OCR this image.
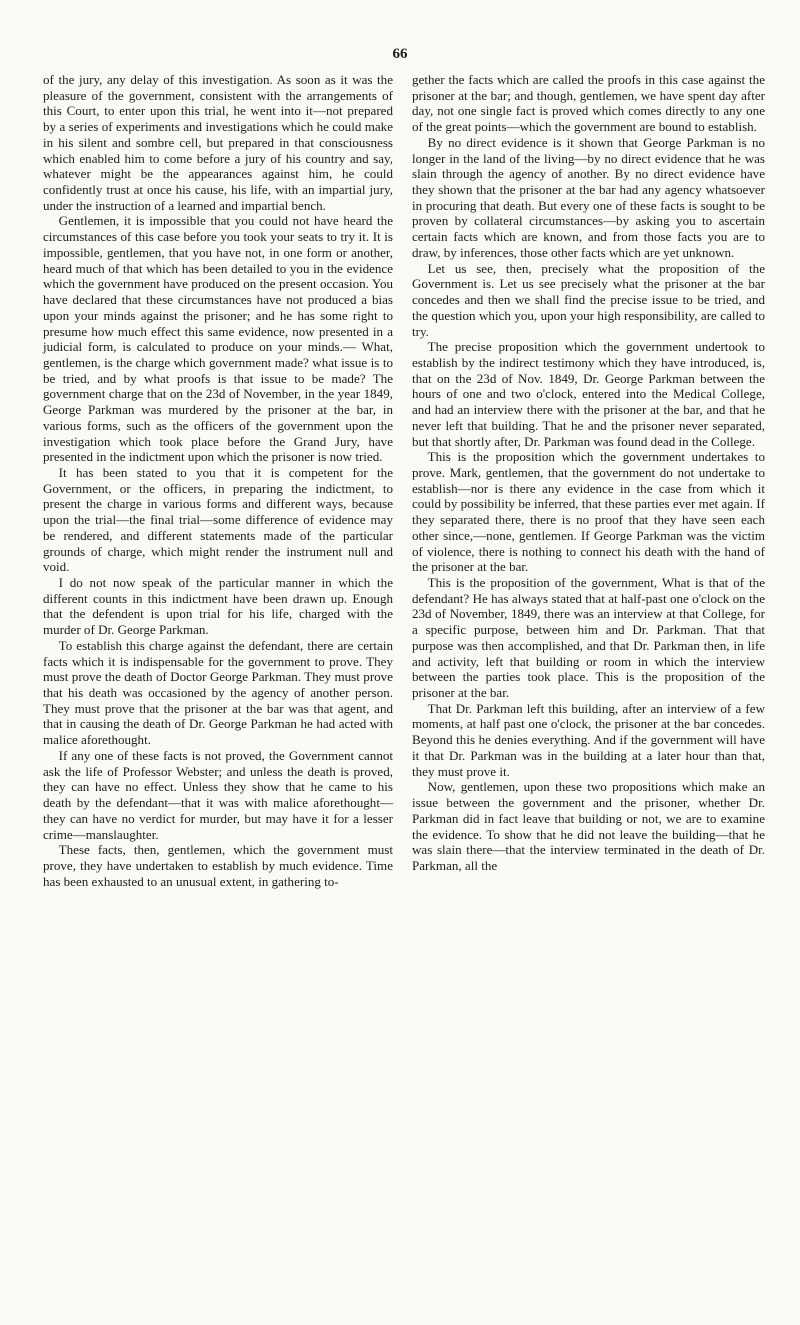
66

of the jury, any delay of this investigation. As soon as it was the pleasure of the government, consistent with the arrangements of this Court, to enter upon this trial, he went into it—not prepared by a series of experiments and investigations which he could make in his silent and sombre cell, but prepared in that consciousness which enabled him to come before a jury of his country and say, whatever might be the appearances against him, he could confidently trust at once his cause, his life, with an impartial jury, under the instruction of a learned and impartial bench.

Gentlemen, it is impossible that you could not have heard the circumstances of this case before you took your seats to try it. It is impossible, gentlemen, that you have not, in one form or another, heard much of that which has been detailed to you in the evidence which the government have produced on the present occasion. You have declared that these circumstances have not produced a bias upon your minds against the prisoner; and he has some right to presume how much effect this same evidence, now presented in a judicial form, is calculated to produce on your minds.— What, gentlemen, is the charge which government made? what issue is to be tried, and by what proofs is that issue to be made? The government charge that on the 23d of November, in the year 1849, George Parkman was murdered by the prisoner at the bar, in various forms, such as the officers of the government upon the investigation which took place before the Grand Jury, have presented in the indictment upon which the prisoner is now tried.

It has been stated to you that it is competent for the Government, or the officers, in preparing the indictment, to present the charge in various forms and different ways, because upon the trial—the final trial—some difference of evidence may be rendered, and different statements made of the particular grounds of charge, which might render the instrument null and void.

I do not now speak of the particular manner in which the different counts in this indictment have been drawn up. Enough that the defendent is upon trial for his life, charged with the murder of Dr. George Parkman.

To establish this charge against the defendant, there are certain facts which it is indispensable for the government to prove. They must prove the death of Doctor George Parkman. They must prove that his death was occasioned by the agency of another person. They must prove that the prisoner at the bar was that agent, and that in causing the death of Dr. George Parkman he had acted with malice aforethought.

If any one of these facts is not proved, the Government cannot ask the life of Professor Webster; and unless the death is proved, they can have no effect. Unless they show that he came to his death by the defendant—that it was with malice aforethought—they can have no verdict for murder, but may have it for a lesser crime—manslaughter.

These facts, then, gentlemen, which the government must prove, they have undertaken to establish by much evidence. Time has been exhausted to an unusual extent, in gathering to-

gether the facts which are called the proofs in this case against the prisoner at the bar; and though, gentlemen, we have spent day after day, not one single fact is proved which comes directly to any one of the great points—which the government are bound to establish.

By no direct evidence is it shown that George Parkman is no longer in the land of the living—by no direct evidence that he was slain through the agency of another. By no direct evidence have they shown that the prisoner at the bar had any agency whatsoever in procuring that death. But every one of these facts is sought to be proven by collateral circumstances—by asking you to ascertain certain facts which are known, and from those facts you are to draw, by inferences, those other facts which are yet unknown.

Let us see, then, precisely what the proposition of the Government is. Let us see precisely what the prisoner at the bar concedes and then we shall find the precise issue to be tried, and the question which you, upon your high responsibility, are called to try.

The precise proposition which the government undertook to establish by the indirect testimony which they have introduced, is, that on the 23d of Nov. 1849, Dr. George Parkman between the hours of one and two o'clock, entered into the Medical College, and had an interview there with the prisoner at the bar, and that he never left that building. That he and the prisoner never separated, but that shortly after, Dr. Parkman was found dead in the College.

This is the proposition which the government undertakes to prove. Mark, gentlemen, that the government do not undertake to establish—nor is there any evidence in the case from which it could by possibility be inferred, that these parties ever met again. If they separated there, there is no proof that they have seen each other since,—none, gentlemen. If George Parkman was the victim of violence, there is nothing to connect his death with the hand of the prisoner at the bar.

This is the proposition of the government, What is that of the defendant? He has always stated that at half-past one o'clock on the 23d of November, 1849, there was an interview at that College, for a specific purpose, between him and Dr. Parkman. That that purpose was then accomplished, and that Dr. Parkman then, in life and activity, left that building or room in which the interview between the parties took place. This is the proposition of the prisoner at the bar.

That Dr. Parkman left this building, after an interview of a few moments, at half past one o'clock, the prisoner at the bar concedes. Beyond this he denies everything. And if the government will have it that Dr. Parkman was in the building at a later hour than that, they must prove it.

Now, gentlemen, upon these two propositions which make an issue between the government and the prisoner, whether Dr. Parkman did in fact leave that building or not, we are to examine the evidence. To show that he did not leave the building—that he was slain there—that the interview terminated in the death of Dr. Parkman, all the
